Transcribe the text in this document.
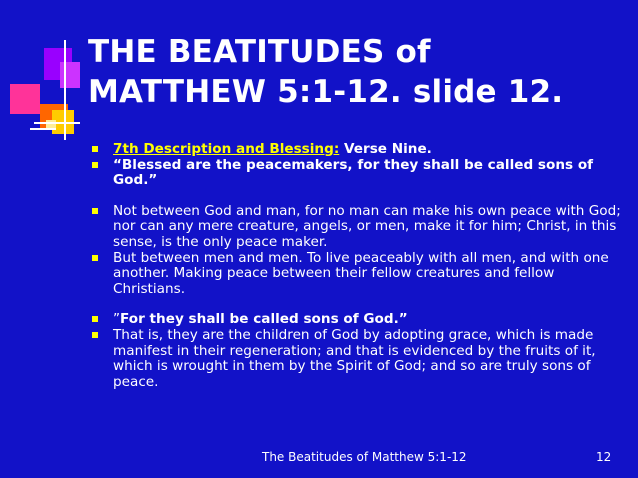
THE BEATITUDES of
MATTHEW 5:1-12. slide 12.
7th Description and Blessing: Verse Nine.
“Blessed are the peacemakers, for they shall be called sons of God.”
Not between God and man, for no man can make his own peace with God; nor can any mere creature, angels, or men, make it for him; Christ, in this sense, is the only peace maker.
But between men and men. To live peaceably with all men, and with one another. Making peace between their fellow creatures and fellow Christians.
”For they shall be called sons of God.”
That is, they are the children of God by adopting grace, which is made manifest in their regeneration; and that is evidenced by the fruits of it, which is wrought in them by the Spirit of God; and so are truly sons of peace.
The Beatitudes of Matthew 5:1-12	12
